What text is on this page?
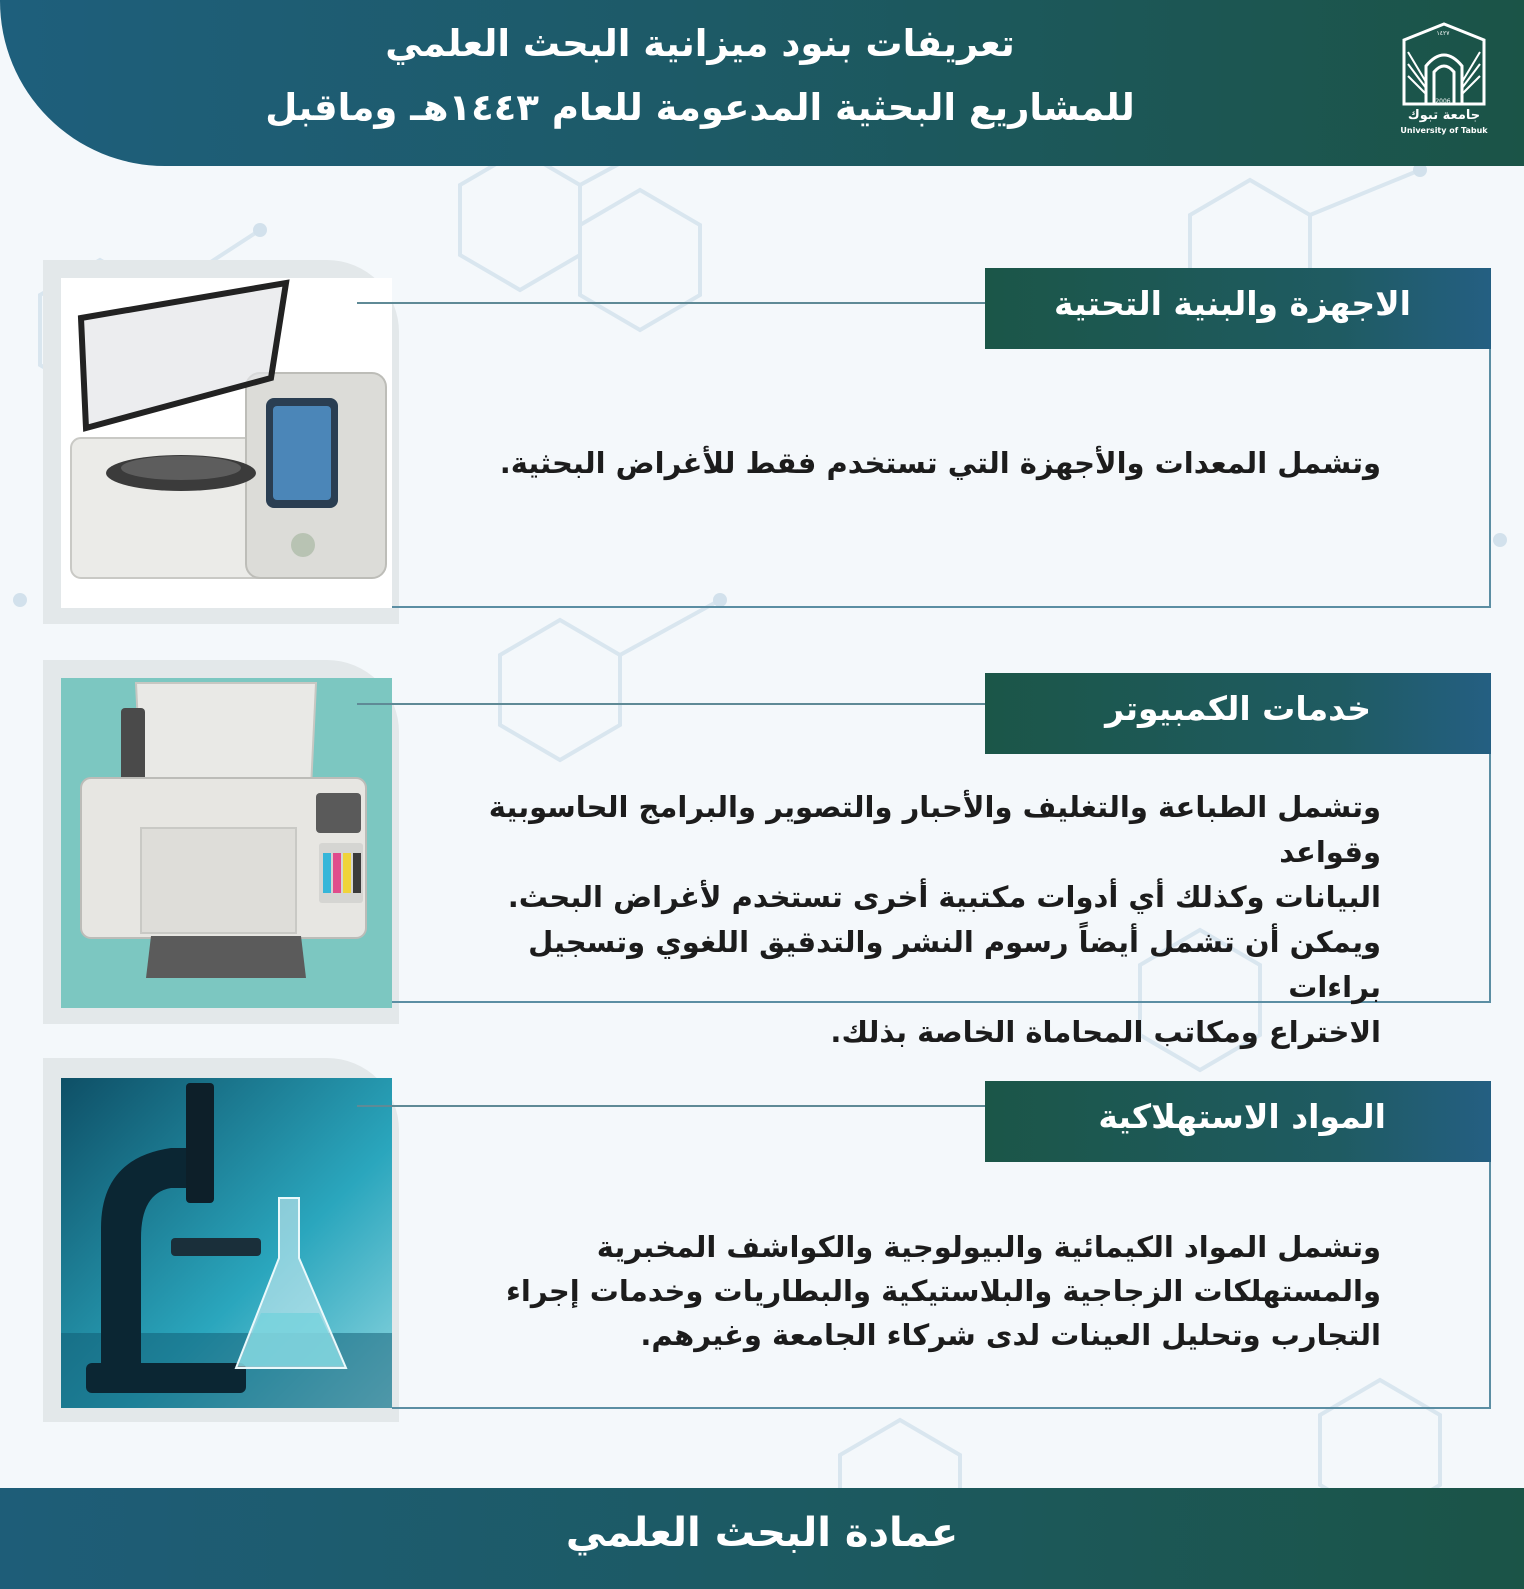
تعريفات بنود ميزانية البحث العلمي
للمشاريع البحثية المدعومة للعام ١٤٤٣هـ وماقبل
١٤٢٧
2006
جامعة تبوك
University of Tabuk
الاجهزة والبنية التحتية
وتشمل المعدات والأجهزة التي تستخدم فقط للأغراض البحثية.
خدمات الكمبيوتر
وتشمل الطباعة والتغليف والأحبار والتصوير والبرامج الحاسوبية وقواعد
البيانات وكذلك أي أدوات مكتبية أخرى تستخدم لأغراض البحث.
ويمكن أن تشمل أيضاً رسوم النشر والتدقيق اللغوي وتسجيل براءات
الاختراع ومكاتب المحاماة الخاصة بذلك.
المواد الاستهلاكية
وتشمل المواد الكيمائية والبيولوجية والكواشف المخبرية
والمستهلكات الزجاجية والبلاستيكية والبطاريات وخدمات إجراء
التجارب وتحليل العينات لدى شركاء الجامعة وغيرهم.
عمادة البحث العلمي
